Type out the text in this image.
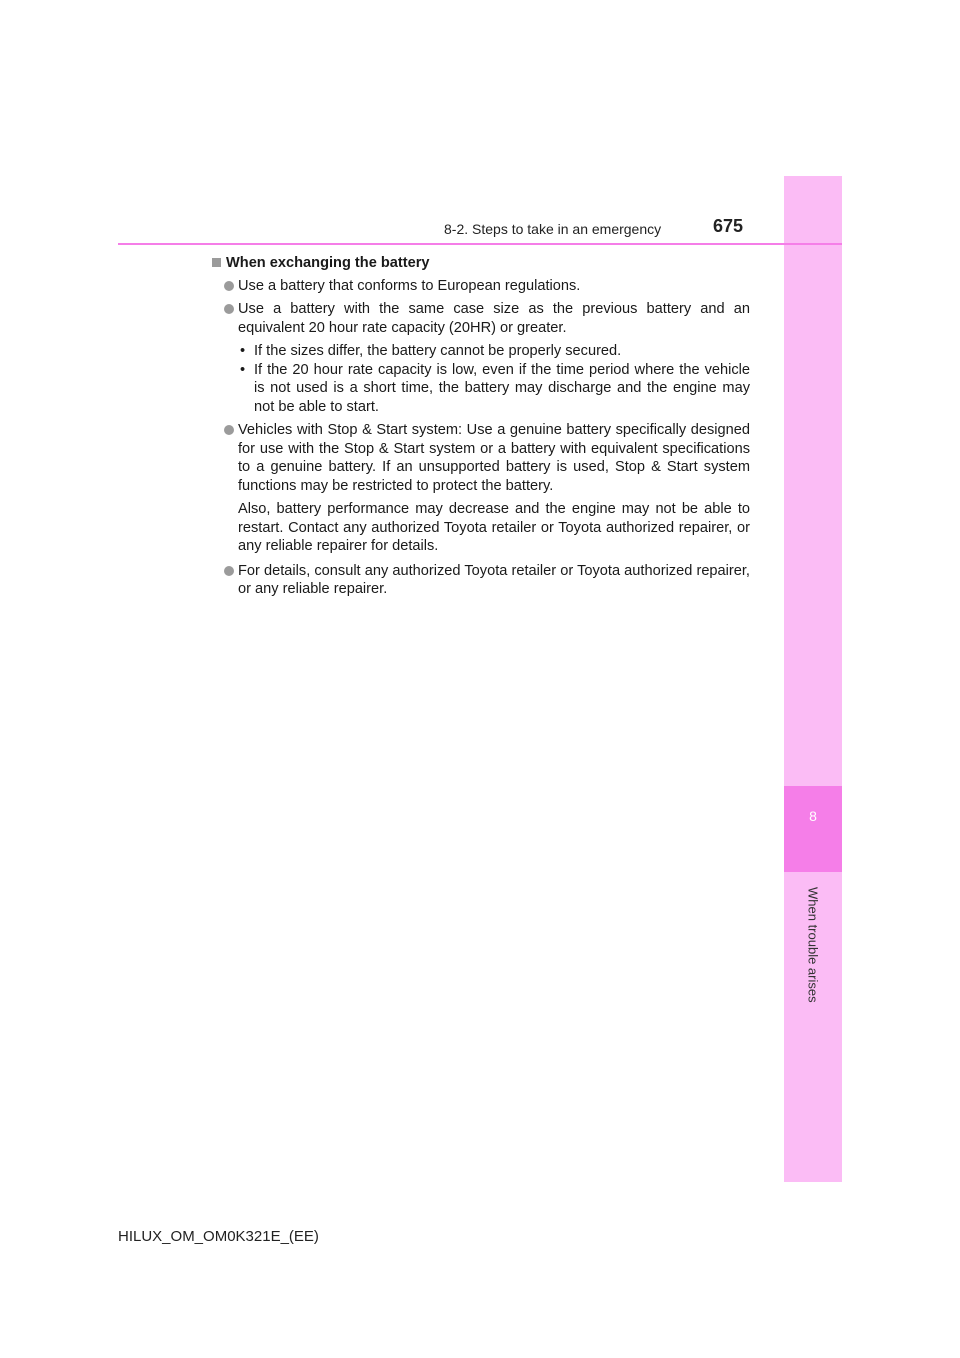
8
When trouble arises
8-2. Steps to take in an emergency	675
When exchanging the battery
Use a battery that conforms to European regulations.
Use a battery with the same case size as the previous battery and an equivalent 20 hour rate capacity (20HR) or greater.
• If the sizes differ, the battery cannot be properly secured.
• If the 20 hour rate capacity is low, even if the time period where the vehicle is not used is a short time, the battery may discharge and the engine may not be able to start.
Vehicles with Stop & Start system: Use a genuine battery specifically designed for use with the Stop & Start system or a battery with equivalent specifications to a genuine battery. If an unsupported battery is used, Stop & Start system functions may be restricted to protect the battery.
Also, battery performance may decrease and the engine may not be able to restart. Contact any authorized Toyota retailer or Toyota authorized repairer, or any reliable repairer for details.
For details, consult any authorized Toyota retailer or Toyota authorized repairer, or any reliable repairer.
HILUX_OM_OM0K321E_(EE)
